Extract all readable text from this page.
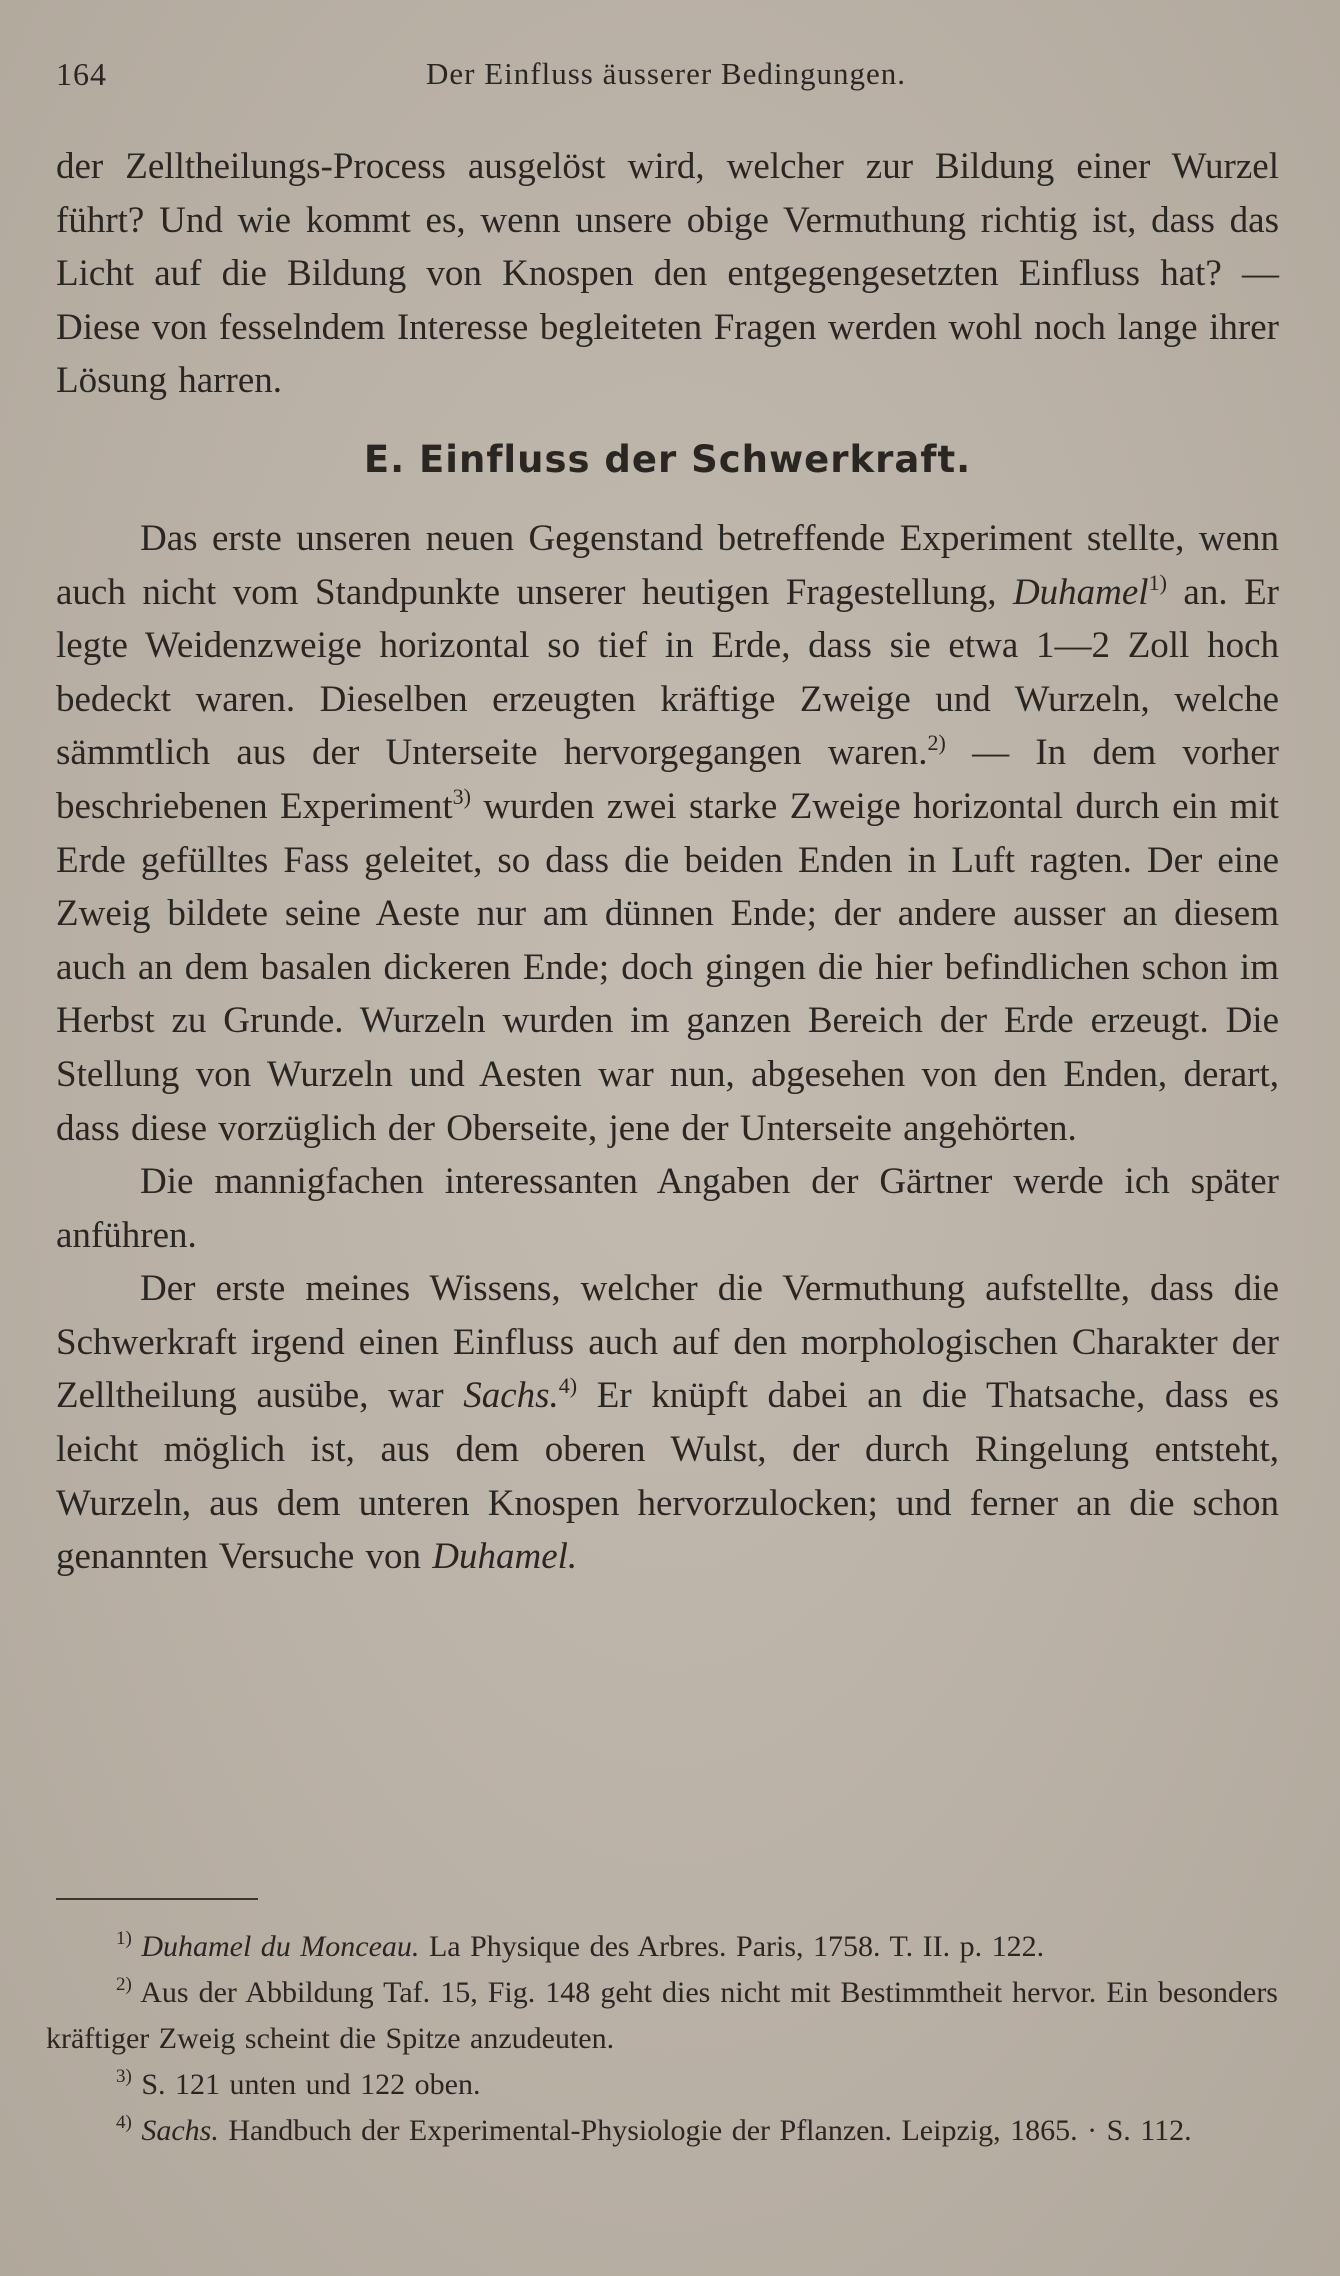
164	Der Einfluss äusserer Bedingungen.

der Zelltheilungs-Process ausgelöst wird, welcher zur Bildung einer Wurzel führt? Und wie kommt es, wenn unsere obige Vermuthung richtig ist, dass das Licht auf die Bildung von Knospen den entgegengesetzten Einfluss hat? — Diese von fesselndem Interesse begleiteten Fragen werden wohl noch lange ihrer Lösung harren.

E. Einfluss der Schwerkraft.

Das erste unseren neuen Gegenstand betreffende Experiment stellte, wenn auch nicht vom Standpunkte unserer heutigen Fragestellung, Duhamel$^{1)}$ an. Er legte Weidenzweige horizontal so tief in Erde, dass sie etwa 1—2 Zoll hoch bedeckt waren. Dieselben erzeugten kräftige Zweige und Wurzeln, welche sämmtlich aus der Unterseite hervorgegangen waren.$^{2)}$ — In dem vorher beschriebenen Experiment$^{3)}$ wurden zwei starke Zweige horizontal durch ein mit Erde gefülltes Fass geleitet, so dass die beiden Enden in Luft ragten. Der eine Zweig bildete seine Aeste nur am dünnen Ende; der andere ausser an diesem auch an dem basalen dickeren Ende; doch gingen die hier befindlichen schon im Herbst zu Grunde. Wurzeln wurden im ganzen Bereich der Erde erzeugt. Die Stellung von Wurzeln und Aesten war nun, abgesehen von den Enden, derart, dass diese vorzüglich der Oberseite, jene der Unterseite angehörten.

Die mannigfachen interessanten Angaben der Gärtner werde ich später anführen.

Der erste meines Wissens, welcher die Vermuthung aufstellte, dass die Schwerkraft irgend einen Einfluss auch auf den morphologischen Charakter der Zelltheilung ausübe, war Sachs.$^{4)}$ Er knüpft dabei an die Thatsache, dass es leicht möglich ist, aus dem oberen Wulst, der durch Ringelung entsteht, Wurzeln, aus dem unteren Knospen hervorzulocken; und ferner an die schon genannten Versuche von Duhamel.

$^{1)}$ Duhamel du Monceau. La Physique des Arbres. Paris, 1758. T. II. p. 122.

$^{2)}$ Aus der Abbildung Taf. 15, Fig. 148 geht dies nicht mit Bestimmtheit hervor. Ein besonders kräftiger Zweig scheint die Spitze anzudeuten.

$^{3)}$ S. 121 unten und 122 oben.

$^{4)}$ Sachs. Handbuch der Experimental-Physiologie der Pflanzen. Leipzig, 1865. · S. 112.
